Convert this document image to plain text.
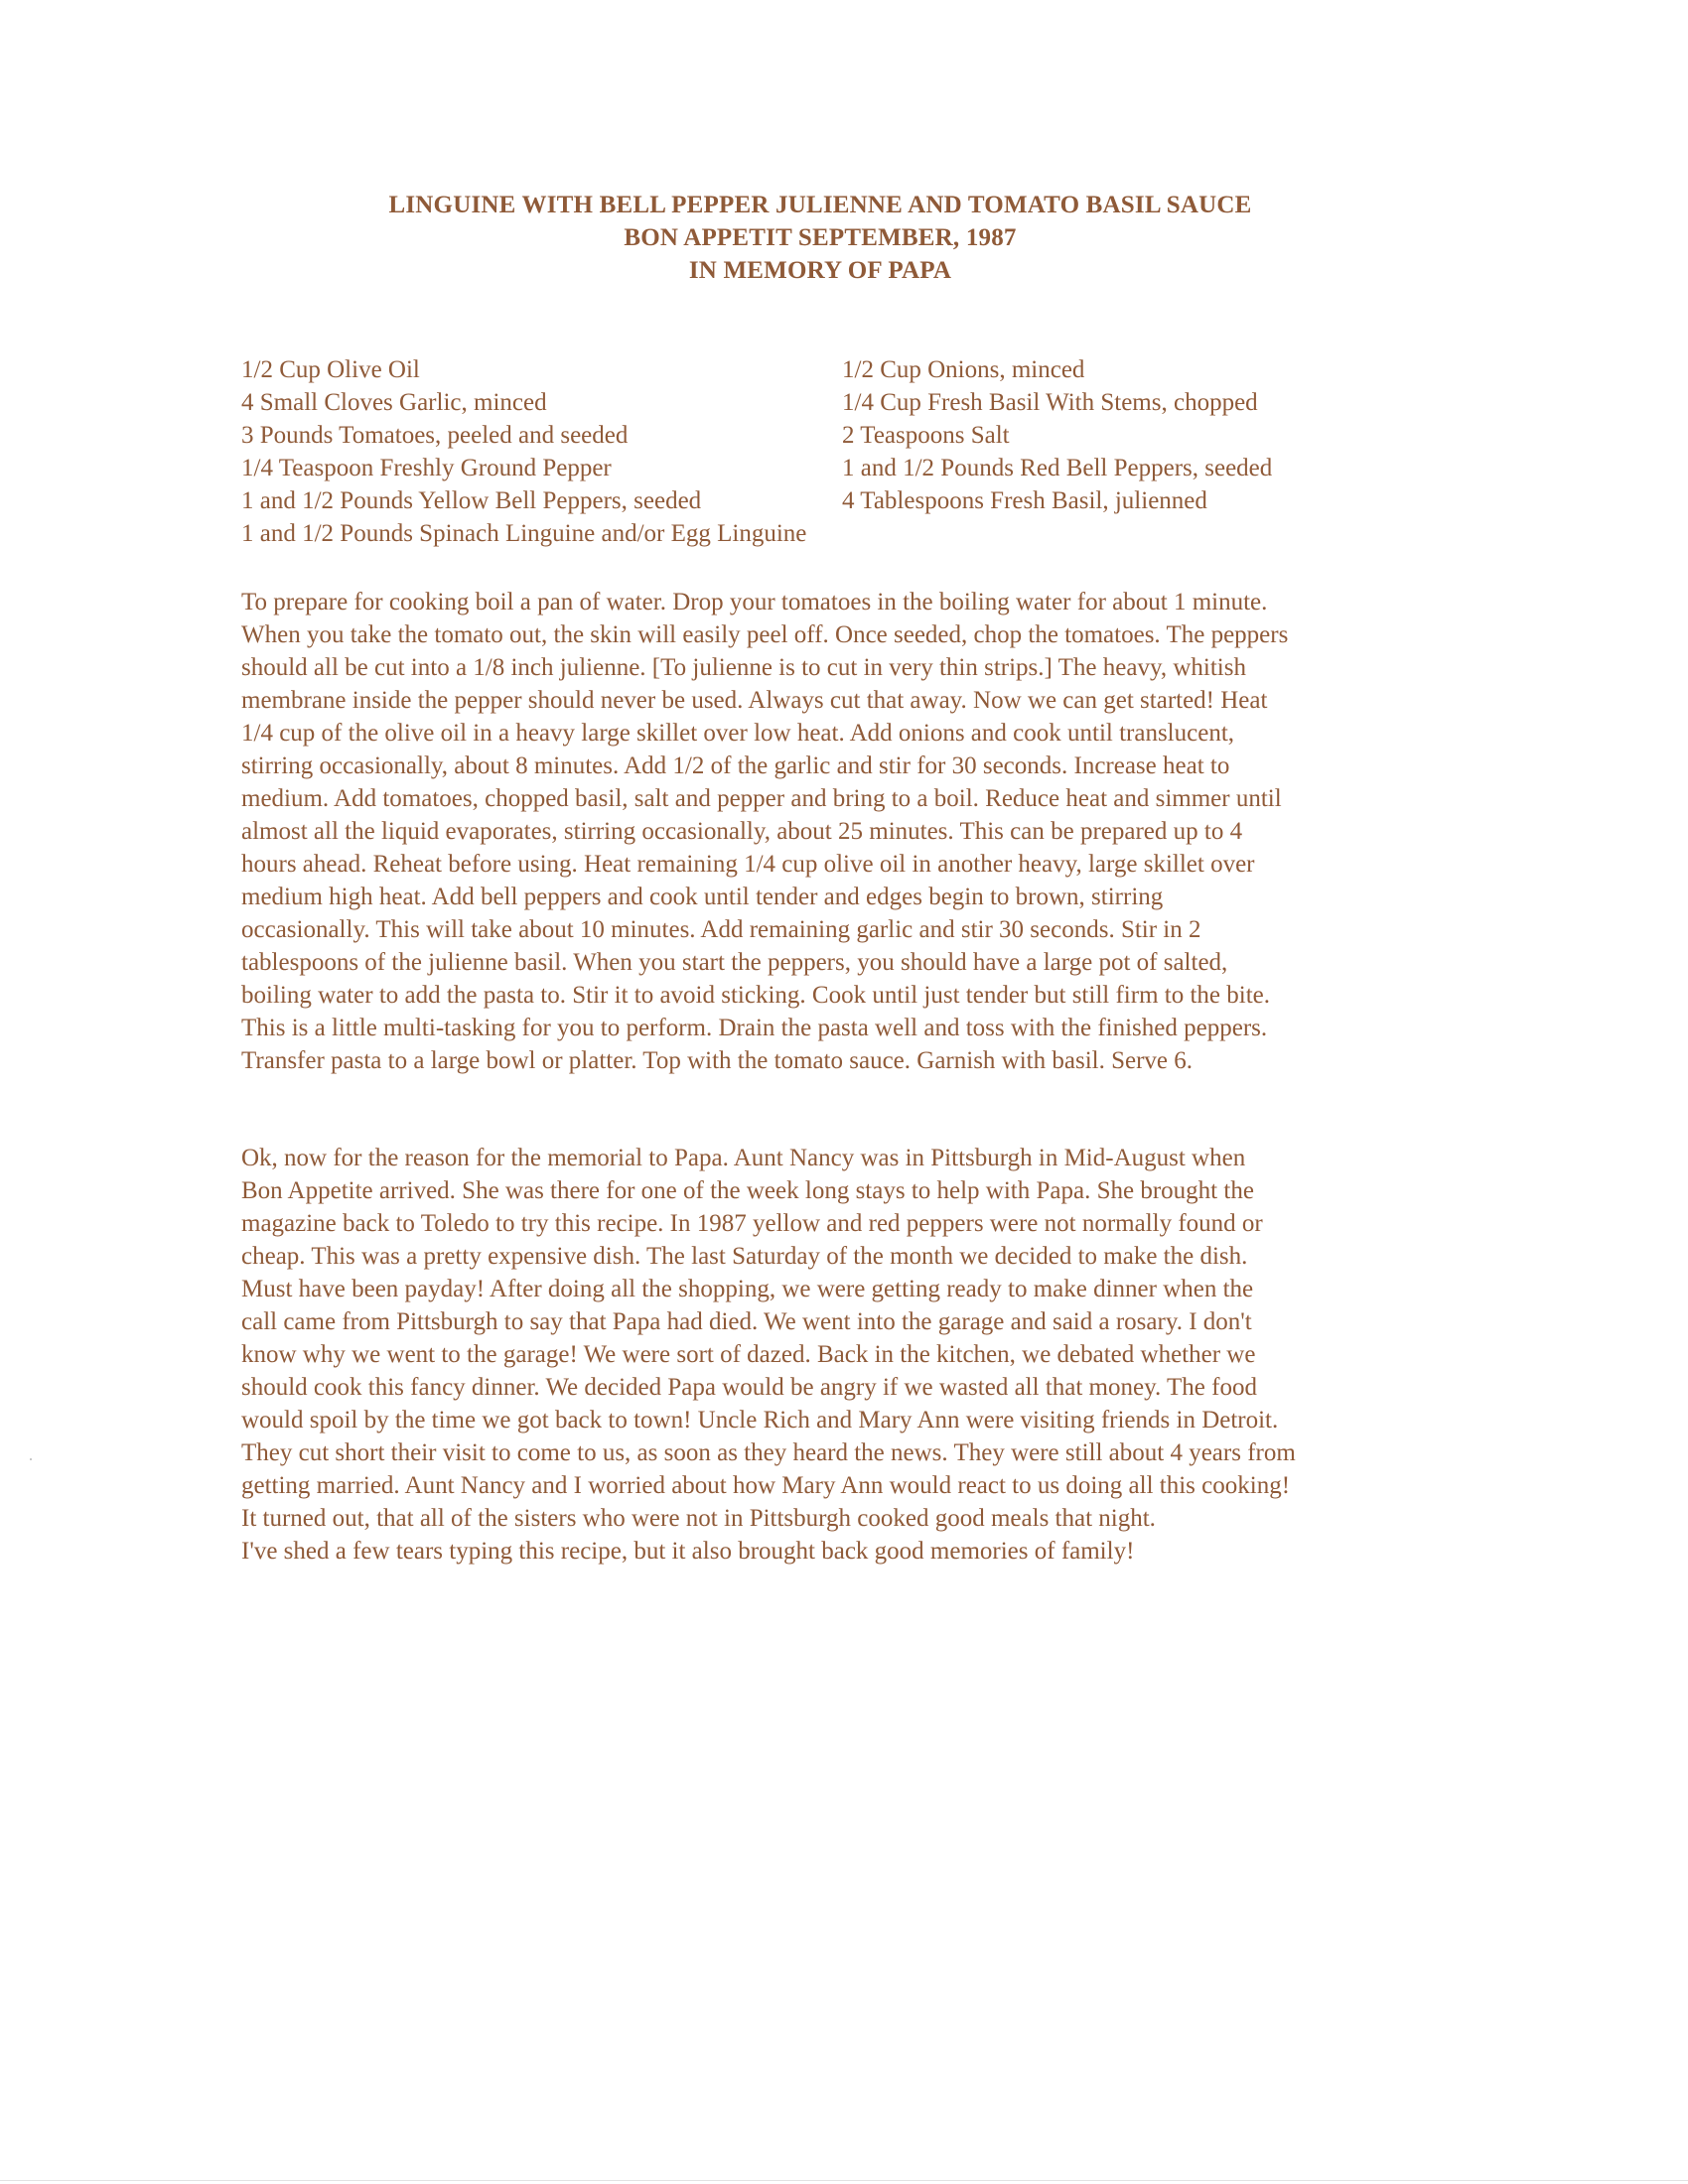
LINGUINE WITH BELL PEPPER JULIENNE AND TOMATO BASIL SAUCE
BON APPETIT SEPTEMBER, 1987
IN MEMORY OF PAPA
1/2 Cup Olive Oil	1/2 Cup Onions, minced
4 Small Cloves Garlic, minced	1/4 Cup Fresh Basil With Stems, chopped
3 Pounds Tomatoes, peeled and seeded	2 Teaspoons Salt
1/4 Teaspoon Freshly Ground Pepper	1 and 1/2 Pounds Red Bell Peppers, seeded
1 and 1/2 Pounds Yellow Bell Peppers, seeded	4 Tablespoons Fresh Basil, julienned
1 and 1/2 Pounds Spinach Linguine and/or Egg Linguine
To prepare for cooking boil a pan of water. Drop your tomatoes in the boiling water for about 1 minute.
When you take the tomato out, the skin will easily peel off. Once seeded, chop the tomatoes. The peppers
should all be cut into a 1/8 inch julienne. [To julienne is to cut in very thin strips.] The heavy, whitish
membrane inside the pepper should never be used. Always cut that away. Now we can get started! Heat
1/4 cup of the olive oil in a heavy large skillet over low heat. Add onions and cook until translucent,
stirring occasionally, about 8 minutes. Add 1/2 of the garlic and stir for 30 seconds. Increase heat to
medium. Add tomatoes, chopped basil, salt and pepper and bring to a boil. Reduce heat and simmer until
almost all the liquid evaporates, stirring occasionally, about 25 minutes. This can be prepared up to 4
hours ahead. Reheat before using. Heat remaining 1/4 cup olive oil in another heavy, large skillet over
medium high heat. Add bell peppers and cook until tender and edges begin to brown, stirring
occasionally. This will take about 10 minutes. Add remaining garlic and stir 30 seconds. Stir in 2
tablespoons of the julienne basil. When you start the peppers, you should have a large pot of salted,
boiling water to add the pasta to. Stir it to avoid sticking. Cook until just tender but still firm to the bite.
This is a little multi-tasking for you to perform. Drain the pasta well and toss with the finished peppers.
Transfer pasta to a large bowl or platter. Top with the tomato sauce. Garnish with basil. Serve 6.
Ok, now for the reason for the memorial to Papa. Aunt Nancy was in Pittsburgh in Mid-August when
Bon Appetite arrived. She was there for one of the week long stays to help with Papa. She brought the
magazine back to Toledo to try this recipe. In 1987 yellow and red peppers were not normally found or
cheap. This was a pretty expensive dish. The last Saturday of the month we decided to make the dish.
Must have been payday! After doing all the shopping, we were getting ready to make dinner when the
call came from Pittsburgh to say that Papa had died. We went into the garage and said a rosary. I don't
know why we went to the garage! We were sort of dazed. Back in the kitchen, we debated whether we
should cook this fancy dinner. We decided Papa would be angry if we wasted all that money. The food
would spoil by the time we got back to town! Uncle Rich and Mary Ann were visiting friends in Detroit.
They cut short their visit to come to us, as soon as they heard the news. They were still about 4 years from
getting married. Aunt Nancy and I worried about how Mary Ann would react to us doing all this cooking!
It turned out, that all of the sisters who were not in Pittsburgh cooked good meals that night.
I've shed a few tears typing this recipe, but it also brought back good memories of family!
